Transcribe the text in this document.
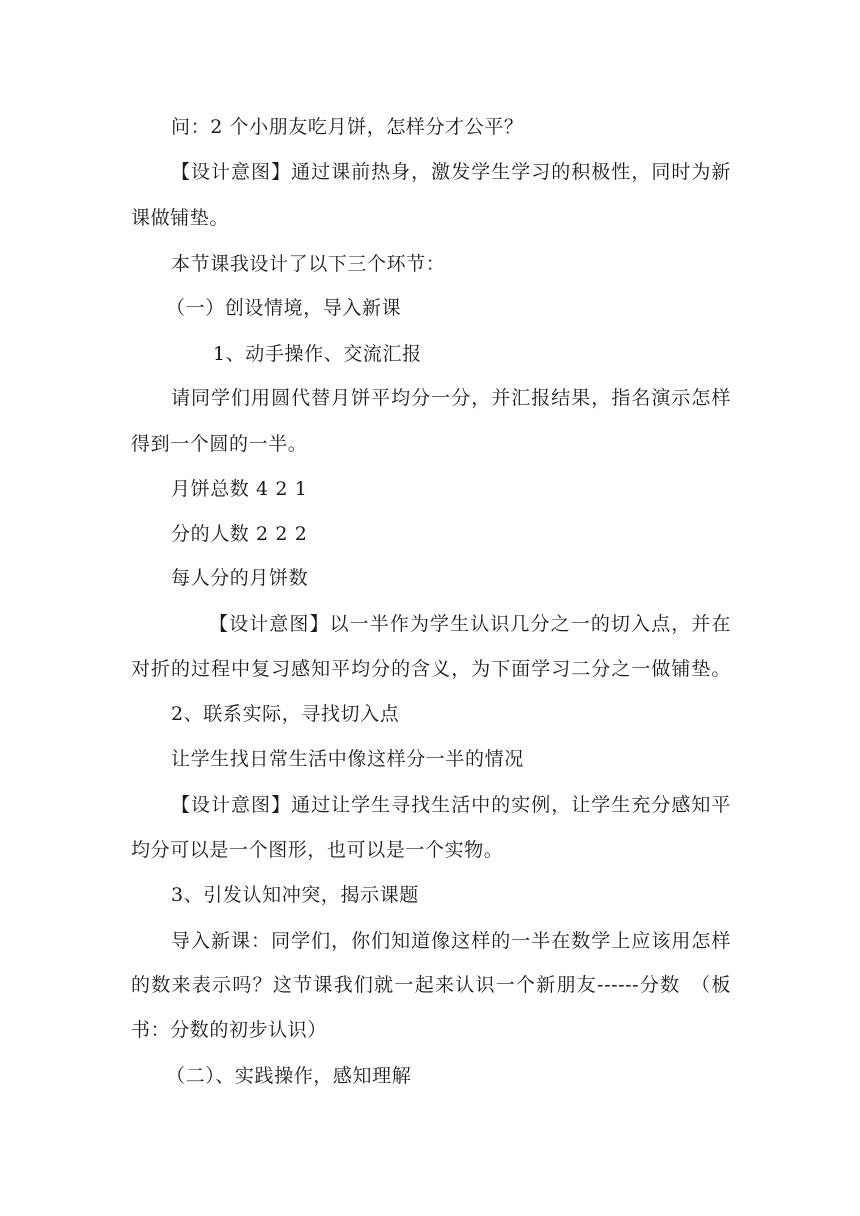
问：2 个小朋友吃月饼，怎样分才公平？
【设计意图】通过课前热身，激发学生学习的积极性，同时为新
课做铺垫。
本节课我设计了以下三个环节：
（一）创设情境，导入新课
1、动手操作、交流汇报
请同学们用圆代替月饼平均分一分，并汇报结果，指名演示怎样
得到一个圆的一半。
月饼总数 4 2 1
分的人数 2 2 2
每人分的月饼数
【设计意图】以一半作为学生认识几分之一的切入点，并在
对折的过程中复习感知平均分的含义，为下面学习二分之一做铺垫。
2、联系实际，寻找切入点
让学生找日常生活中像这样分一半的情况
【设计意图】通过让学生寻找生活中的实例，让学生充分感知平
均分可以是一个图形，也可以是一个实物。
3、引发认知冲突，揭示课题
导入新课：同学们，你们知道像这样的一半在数学上应该用怎样
的数来表示吗？这节课我们就一起来认识一个新朋友------分数　（板
书：分数的初步认识）
（二）、实践操作，感知理解
